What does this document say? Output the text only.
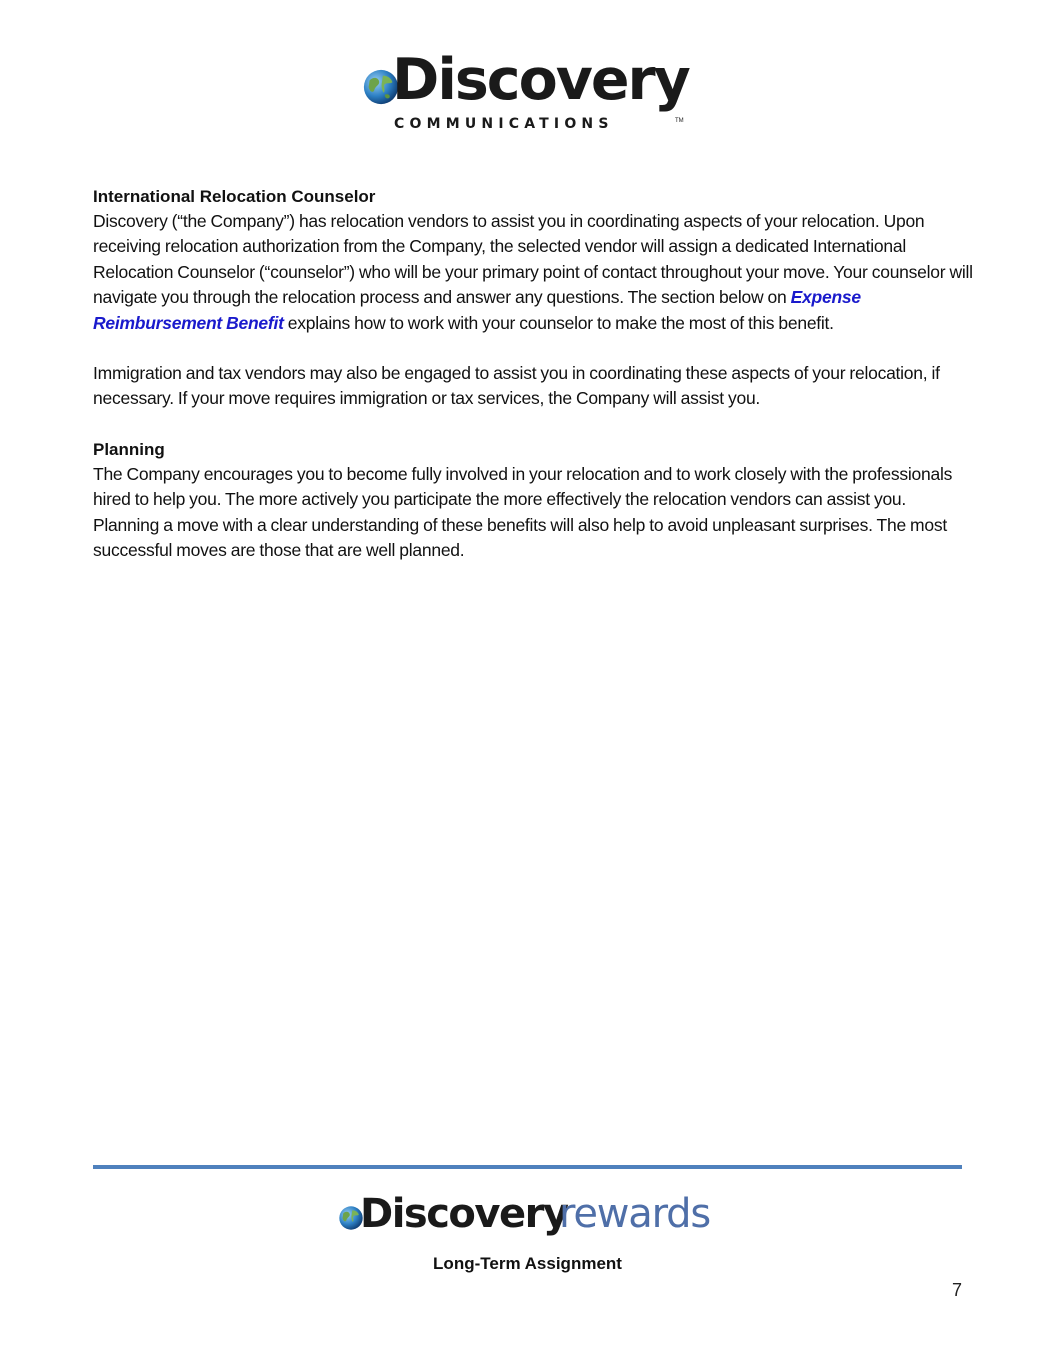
Discovery
COMMUNICATIONS	TM
International Relocation Counselor

Discovery (“the Company”) has relocation vendors to assist you in coordinating aspects of your relocation. Upon receiving relocation authorization from the Company, the selected vendor will assign a dedicated International Relocation Counselor (“counselor”) who will be your primary point of contact throughout your move. Your counselor will navigate you through the relocation process and answer any questions. The section below on Expense Reimbursement Benefit explains how to work with your counselor to make the most of this benefit.

Immigration and tax vendors may also be engaged to assist you in coordinating these aspects of your relocation, if necessary. If your move requires immigration or tax services, the Company will assist you.

Planning

The Company encourages you to become fully involved in your relocation and to work closely with the professionals hired to help you. The more actively you participate the more effectively the relocation vendors can assist you. Planning a move with a clear understanding of these benefits will also help to avoid unpleasant surprises. The most successful moves are those that are well planned.

Discovery
rewards
Long-Term Assignment
7
